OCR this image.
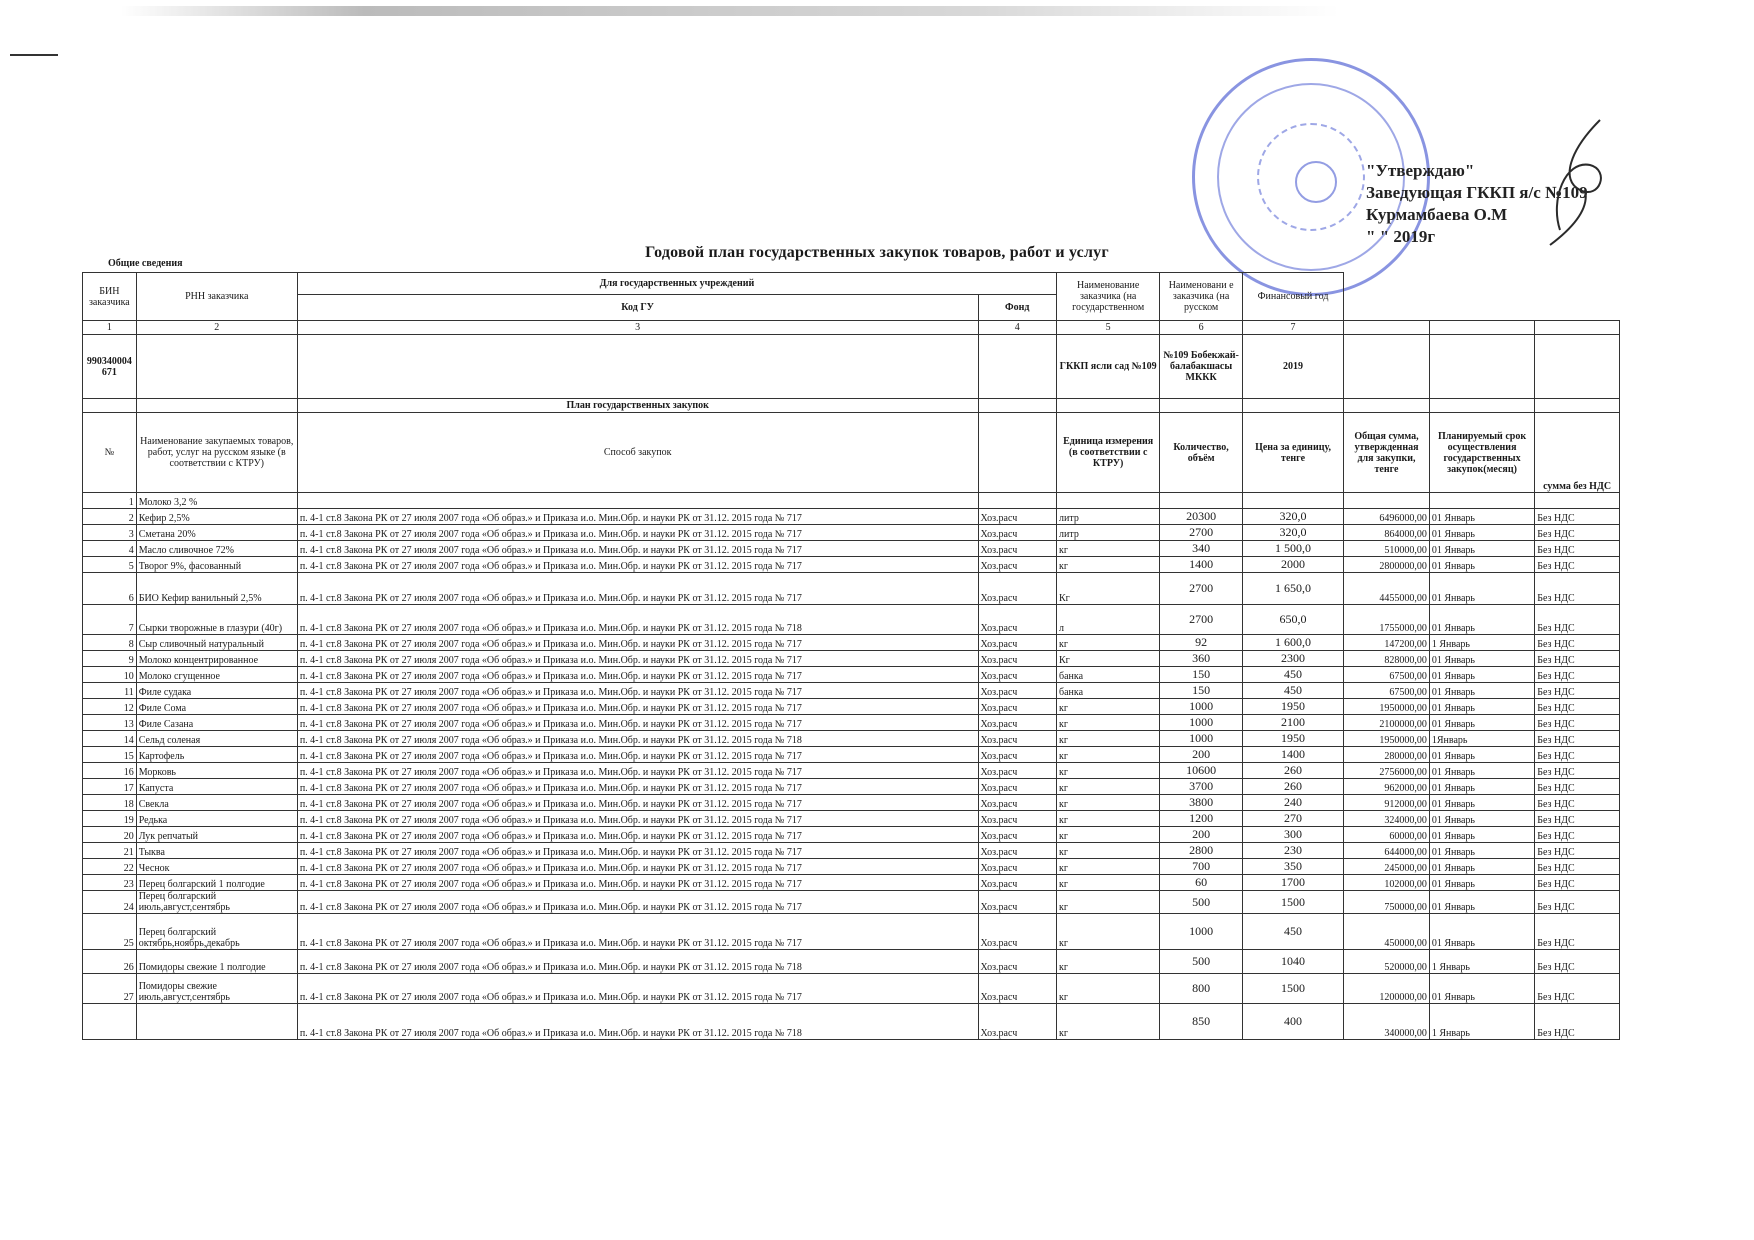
"Утверждаю"
Заведующая ГККП я/с №109
Курмамбаева О.М
" " 2019г
Годовой план государственных закупок товаров, работ и услуг
Общие сведения
БИН заказчика	РНН заказчика	Для государственных учреждений		Наименование заказчика (на государственном	Наименовани е заказчика (на русском	Финансовый год			
		Код ГУ	Фонд						
1	2	3	4	5	6	7			
990340004671				ГККП ясли сад №109	№109 Бобекжай-балабакшасы МККК	2019			
		План государственных закупок							
№	Наименование закупаемых товаров, работ, услуг на русском языке (в соответствии с КТРУ)	Способ закупок		Единица измерения (в соответствии с КТРУ)	Количество, объём	Цена за единицу, тенге	Общая сумма, утвержденная для закупки, тенге	Планируемый срок осуществления государственных закупок(месяц)	сумма без НДС
1	Молоко 3,2 %								
2	Кефир 2,5%	п. 4-1 ст.8 Закона РК от 27 июля 2007 года «Об образ.» и Приказа и.о. Мин.Обр. и науки РК от 31.12. 2015 года № 717	Хоз.расч	литр	20300	320,0	6496000,00	01 Январь	Без НДС
3	Сметана 20%	п. 4-1 ст.8 Закона РК от 27 июля 2007 года «Об образ.» и Приказа и.о. Мин.Обр. и науки РК от 31.12. 2015 года № 717	Хоз.расч	литр	2700	320,0	864000,00	01 Январь	Без НДС
4	Масло сливочное 72%	п. 4-1 ст.8 Закона РК от 27 июля 2007 года «Об образ.» и Приказа и.о. Мин.Обр. и науки РК от 31.12. 2015 года № 717	Хоз.расч	кг	340	1 500,0	510000,00	01 Январь	Без НДС
5	Творог 9%, фасованный	п. 4-1 ст.8 Закона РК от 27 июля 2007 года «Об образ.» и Приказа и.о. Мин.Обр. и науки РК от 31.12. 2015 года № 717	Хоз.расч	кг	1400	2000	2800000,00	01 Январь	Без НДС
6	БИО Кефир ванильный 2,5%	п. 4-1 ст.8 Закона РК от 27 июля 2007 года «Об образ.» и Приказа и.о. Мин.Обр. и науки РК от 31.12. 2015 года № 717	Хоз.расч	Кг	2700	1 650,0	4455000,00	01 Январь	Без НДС
7	Сырки творожные в глазури (40г)	п. 4-1 ст.8 Закона РК от 27 июля 2007 года «Об образ.» и Приказа и.о. Мин.Обр. и науки РК от 31.12. 2015 года № 718	Хоз.расч	л	2700	650,0	1755000,00	01 Январь	Без НДС
8	Сыр сливочный натуральный	п. 4-1 ст.8 Закона РК от 27 июля 2007 года «Об образ.» и Приказа и.о. Мин.Обр. и науки РК от 31.12. 2015 года № 717	Хоз.расч	кг	92	1 600,0	147200,00	1 Январь	Без НДС
9	Молоко концентрированное	п. 4-1 ст.8 Закона РК от 27 июля 2007 года «Об образ.» и Приказа и.о. Мин.Обр. и науки РК от 31.12. 2015 года № 717	Хоз.расч	Кг	360	2300	828000,00	01 Январь	Без НДС
10	Молоко сгущенное	п. 4-1 ст.8 Закона РК от 27 июля 2007 года «Об образ.» и Приказа и.о. Мин.Обр. и науки РК от 31.12. 2015 года № 717	Хоз.расч	банка	150	450	67500,00	01 Январь	Без НДС
11	Филе судака	п. 4-1 ст.8 Закона РК от 27 июля 2007 года «Об образ.» и Приказа и.о. Мин.Обр. и науки РК от 31.12. 2015 года № 717	Хоз.расч	банка	150	450	67500,00	01 Январь	Без НДС
12	Филе Сома	п. 4-1 ст.8 Закона РК от 27 июля 2007 года «Об образ.» и Приказа и.о. Мин.Обр. и науки РК от 31.12. 2015 года № 717	Хоз.расч	кг	1000	1950	1950000,00	01 Январь	Без НДС
13	Филе Сазана	п. 4-1 ст.8 Закона РК от 27 июля 2007 года «Об образ.» и Приказа и.о. Мин.Обр. и науки РК от 31.12. 2015 года № 717	Хоз.расч	кг	1000	2100	2100000,00	01 Январь	Без НДС
14	Сельд соленая	п. 4-1 ст.8 Закона РК от 27 июля 2007 года «Об образ.» и Приказа и.о. Мин.Обр. и науки РК от 31.12. 2015 года № 718	Хоз.расч	кг	1000	1950	1950000,00	1Январь	Без НДС
15	Картофель	п. 4-1 ст.8 Закона РК от 27 июля 2007 года «Об образ.» и Приказа и.о. Мин.Обр. и науки РК от 31.12. 2015 года № 717	Хоз.расч	кг	200	1400	280000,00	01 Январь	Без НДС
16	Морковь	п. 4-1 ст.8 Закона РК от 27 июля 2007 года «Об образ.» и Приказа и.о. Мин.Обр. и науки РК от 31.12. 2015 года № 717	Хоз.расч	кг	10600	260	2756000,00	01 Январь	Без НДС
17	Капуста	п. 4-1 ст.8 Закона РК от 27 июля 2007 года «Об образ.» и Приказа и.о. Мин.Обр. и науки РК от 31.12. 2015 года № 717	Хоз.расч	кг	3700	260	962000,00	01 Январь	Без НДС
18	Свекла	п. 4-1 ст.8 Закона РК от 27 июля 2007 года «Об образ.» и Приказа и.о. Мин.Обр. и науки РК от 31.12. 2015 года № 717	Хоз.расч	кг	3800	240	912000,00	01 Январь	Без НДС
19	Редька	п. 4-1 ст.8 Закона РК от 27 июля 2007 года «Об образ.» и Приказа и.о. Мин.Обр. и науки РК от 31.12. 2015 года № 717	Хоз.расч	кг	1200	270	324000,00	01 Январь	Без НДС
20	Лук репчатый	п. 4-1 ст.8 Закона РК от 27 июля 2007 года «Об образ.» и Приказа и.о. Мин.Обр. и науки РК от 31.12. 2015 года № 717	Хоз.расч	кг	200	300	60000,00	01 Январь	Без НДС
21	Тыква	п. 4-1 ст.8 Закона РК от 27 июля 2007 года «Об образ.» и Приказа и.о. Мин.Обр. и науки РК от 31.12. 2015 года № 717	Хоз.расч	кг	2800	230	644000,00	01 Январь	Без НДС
22	Чеснок	п. 4-1 ст.8 Закона РК от 27 июля 2007 года «Об образ.» и Приказа и.о. Мин.Обр. и науки РК от 31.12. 2015 года № 717	Хоз.расч	кг	700	350	245000,00	01 Январь	Без НДС
23	Перец болгарский 1 полгодие	п. 4-1 ст.8 Закона РК от 27 июля 2007 года «Об образ.» и Приказа и.о. Мин.Обр. и науки РК от 31.12. 2015 года № 717	Хоз.расч	кг	60	1700	102000,00	01 Январь	Без НДС
24	Перец болгарский июль,август,сентябрь	п. 4-1 ст.8 Закона РК от 27 июля 2007 года «Об образ.» и Приказа и.о. Мин.Обр. и науки РК от 31.12. 2015 года № 717	Хоз.расч	кг	500	1500	750000,00	01 Январь	Без НДС
25	Перец болгарский октябрь,ноябрь,декабрь	п. 4-1 ст.8 Закона РК от 27 июля 2007 года «Об образ.» и Приказа и.о. Мин.Обр. и науки РК от 31.12. 2015 года № 717	Хоз.расч	кг	1000	450	450000,00	01 Январь	Без НДС
26	Помидоры свежие 1 полгодие	п. 4-1 ст.8 Закона РК от 27 июля 2007 года «Об образ.» и Приказа и.о. Мин.Обр. и науки РК от 31.12. 2015 года № 718	Хоз.расч	кг	500	1040	520000,00	1 Январь	Без НДС
27	Помидоры свежие июль,август,сентябрь	п. 4-1 ст.8 Закона РК от 27 июля 2007 года «Об образ.» и Приказа и.о. Мин.Обр. и науки РК от 31.12. 2015 года № 717	Хоз.расч	кг	800	1500	1200000,00	01 Январь	Без НДС
		п. 4-1 ст.8 Закона РК от 27 июля 2007 года «Об образ.» и Приказа и.о. Мин.Обр. и науки РК от 31.12. 2015 года № 718	Хоз.расч	кг	850	400	340000,00	1 Январь	Без НДС
